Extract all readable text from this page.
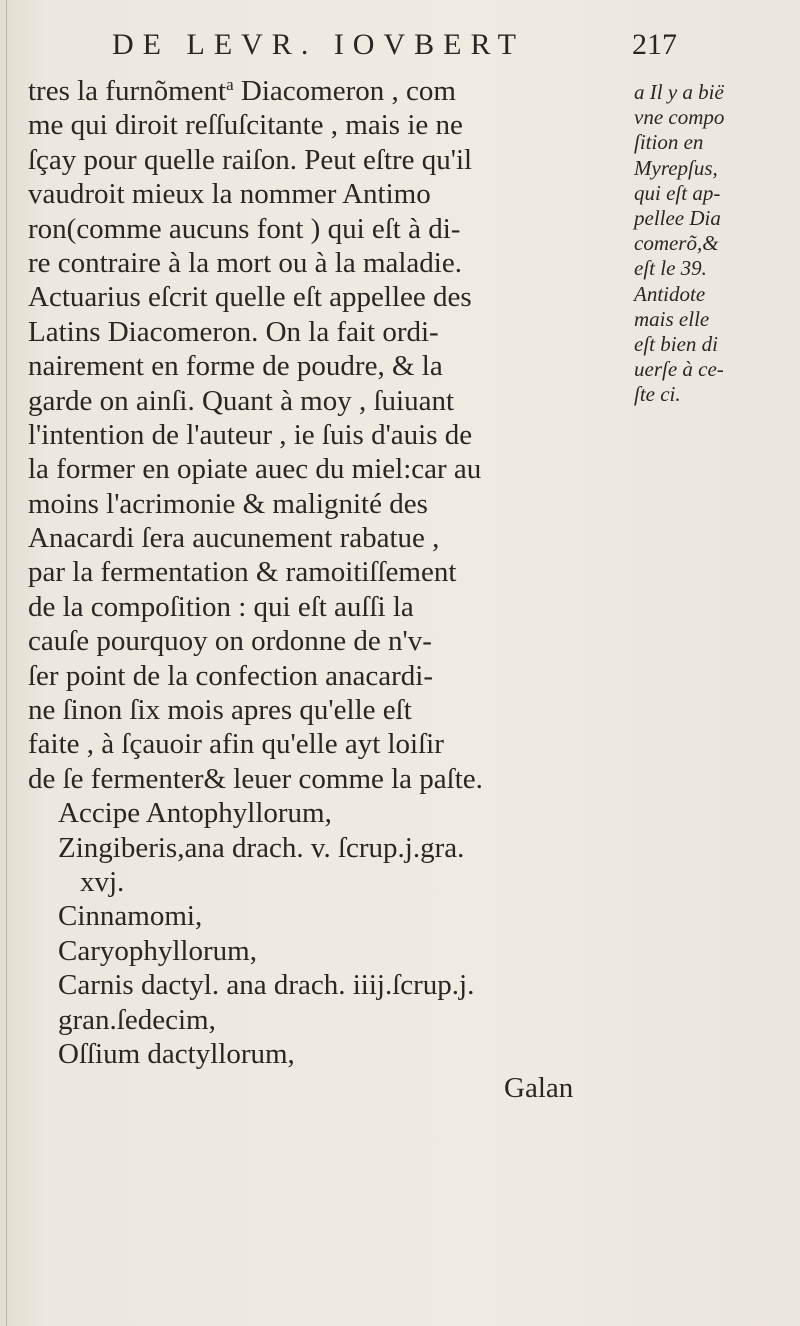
DE LEVR. IOVBERT	217
tres la furnõment$^a$ Diacomeron , com
me qui diroit reſſuſcitante , mais ie ne
ſçay pour quelle raiſon. Peut eſtre qu'il
vaudroit mieux la nommer Antimo
ron(comme aucuns font ) qui eſt à di-
re contraire à la mort ou à la maladie.
Actuarius eſcrit quelle eſt appellee des
Latins Diacomeron. On la fait ordi-
nairement en forme de poudre, & la
garde on ainſi. Quant à moy , ſuiuant
l'intention de l'auteur , ie ſuis d'auis de
la former en opiate auec du miel:car au
moins l'acrimonie & malignité des
Anacardi ſera aucunement rabatue ,
par la fermentation & ramoitiſſement
de la compoſition : qui eſt auſſi la
cauſe pourquoy on ordonne de n'v-
ſer point de la confection anacardi-
ne ſinon ſix mois apres qu'elle eſt
faite , à ſçauoir afin qu'elle ayt loiſir
de ſe fermenter& leuer comme la paſte.
Accipe Antophyllorum,
Zingiberis,ana drach. v. ſcrup.j.gra.
xvj.
Cinnamomi,
Caryophyllorum,
Carnis dactyl. ana drach. iiij.ſcrup.j.
gran.ſedecim,
Oſſium dactyllorum,
Galan
a Il y a bië
vne compo
ſition en
Myrepſus,
qui eſt ap-
pellee Dia
comerõ,&
eſt le 39.
Antidote
mais elle
eſt bien di
uerſe à ce-
ſte ci.
